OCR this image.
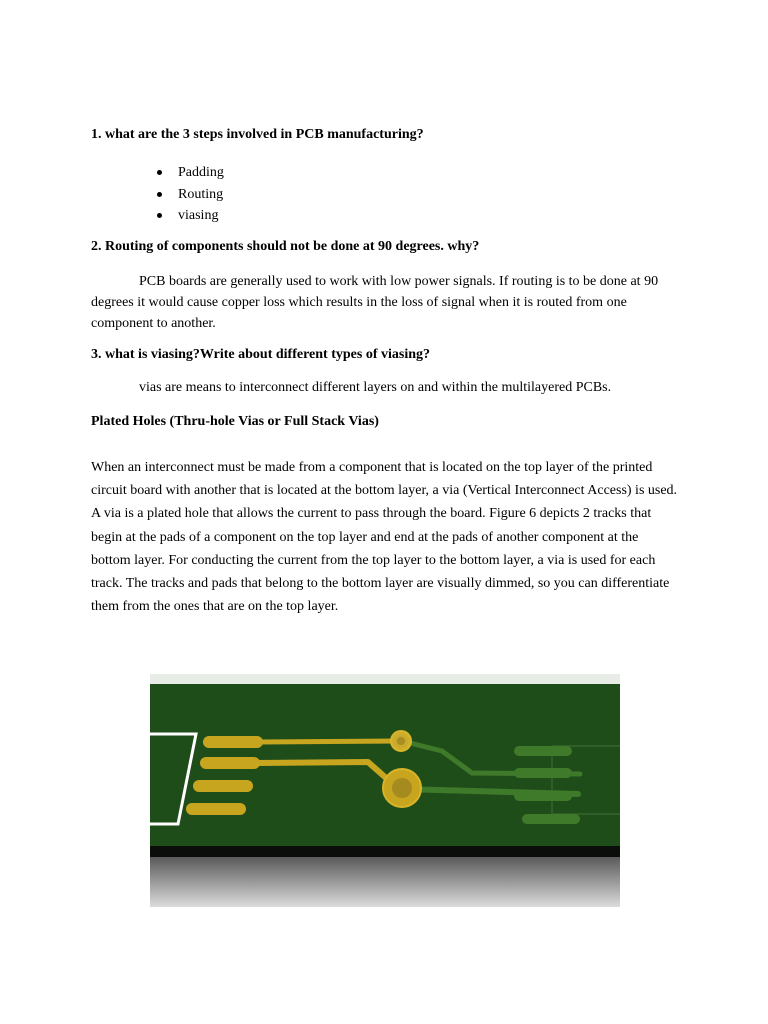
1. what are the 3 steps involved in PCB manufacturing?

Padding
Routing
viasing

2. Routing of components should not be done at 90 degrees. why?

PCB boards are generally used to work with low power signals. If routing is to be done at 90 degrees it would cause copper loss which results in the loss of signal when it is routed from one component to another.

3. what is viasing?Write about different types of viasing?

vias are means to interconnect different layers on and within the multilayered PCBs.

Plated Holes (Thru-hole Vias or Full Stack Vias)

When an interconnect must be made from a component that is located on the top layer of the printed circuit board with another that is located at the bottom layer, a via (Vertical Interconnect Access) is used. A via is a plated hole that allows the current to pass through the board. Figure 6 depicts 2 tracks that begin at the pads of a component on the top layer and end at the pads of another component at the bottom layer. For conducting the current from the top layer to the bottom layer, a via is used for each track. The tracks and pads that belong to the bottom layer are visually dimmed, so you can differentiate them from the ones that are on the top layer.
